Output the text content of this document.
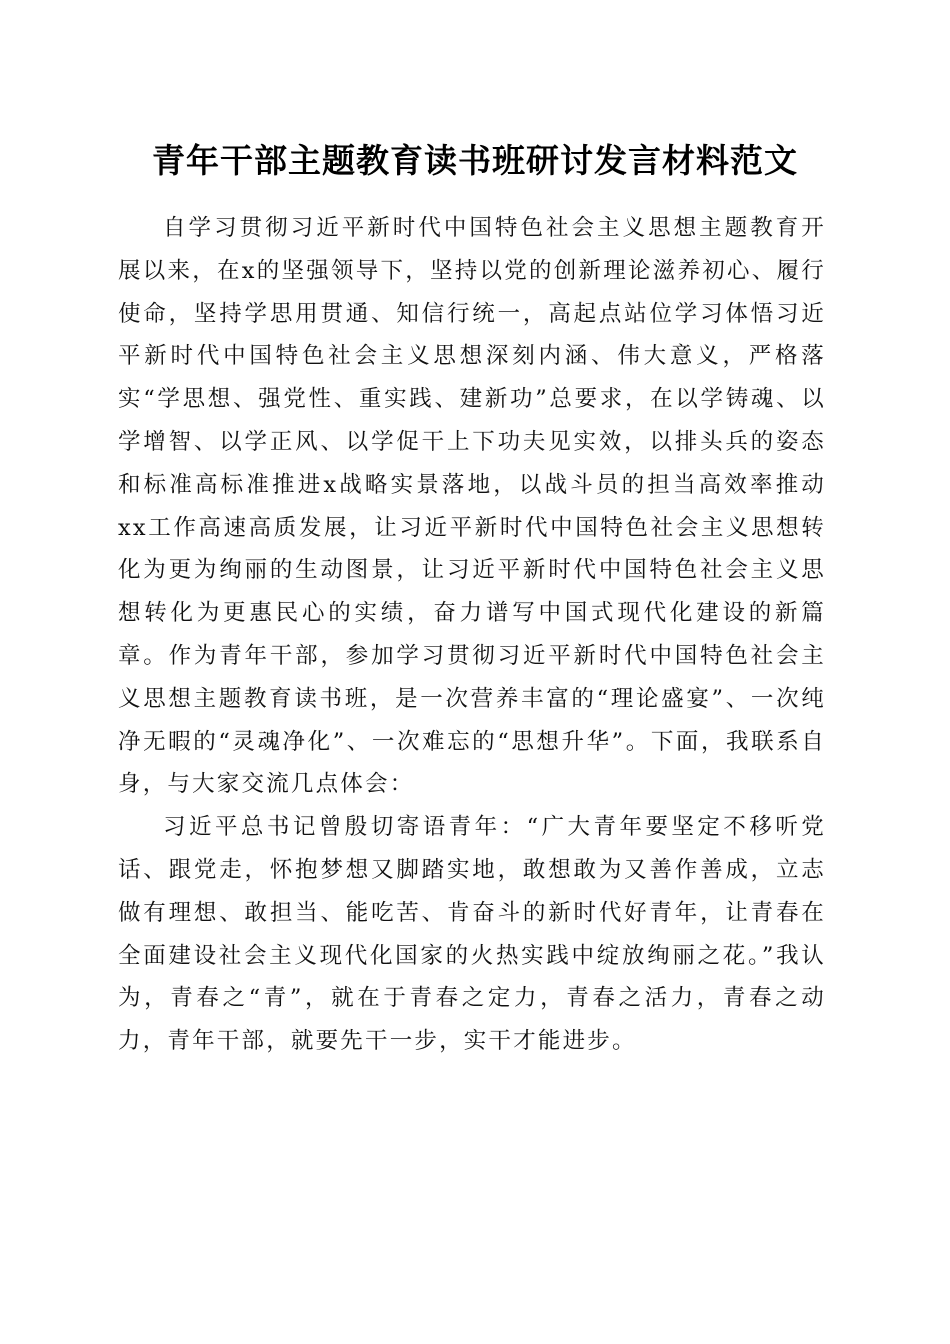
青年干部主题教育读书班研讨发言材料范文

自学习贯彻习近平新时代中国特色社会主义思想主题教育开展以来，在x的坚强领导下，坚持以党的创新理论滋养初心、履行使命，坚持学思用贯通、知信行统一，高起点站位学习体悟习近平新时代中国特色社会主义思想深刻内涵、伟大意义，严格落实“学思想、强党性、重实践、建新功”总要求，在以学铸魂、以学增智、以学正风、以学促干上下功夫见实效，以排头兵的姿态和标准高标准推进x战略实景落地，以战斗员的担当高效率推动xx工作高速高质发展，让习近平新时代中国特色社会主义思想转化为更为绚丽的生动图景，让习近平新时代中国特色社会主义思想转化为更惠民心的实绩，奋力谱写中国式现代化建设的新篇章。作为青年干部，参加学习贯彻习近平新时代中国特色社会主义思想主题教育读书班，是一次营养丰富的“理论盛宴”、一次纯净无暇的“灵魂净化”、一次难忘的“思想升华”。下面，我联系自身，与大家交流几点体会：

习近平总书记曾殷切寄语青年：“广大青年要坚定不移听党话、跟党走，怀抱梦想又脚踏实地，敢想敢为又善作善成，立志做有理想、敢担当、能吃苦、肯奋斗的新时代好青年，让青春在全面建设社会主义现代化国家的火热实践中绽放绚丽之花。”我认为，青春之“青”，就在于青春之定力，青春之活力，青春之动力，青年干部，就要先干一步，实干才能进步。
